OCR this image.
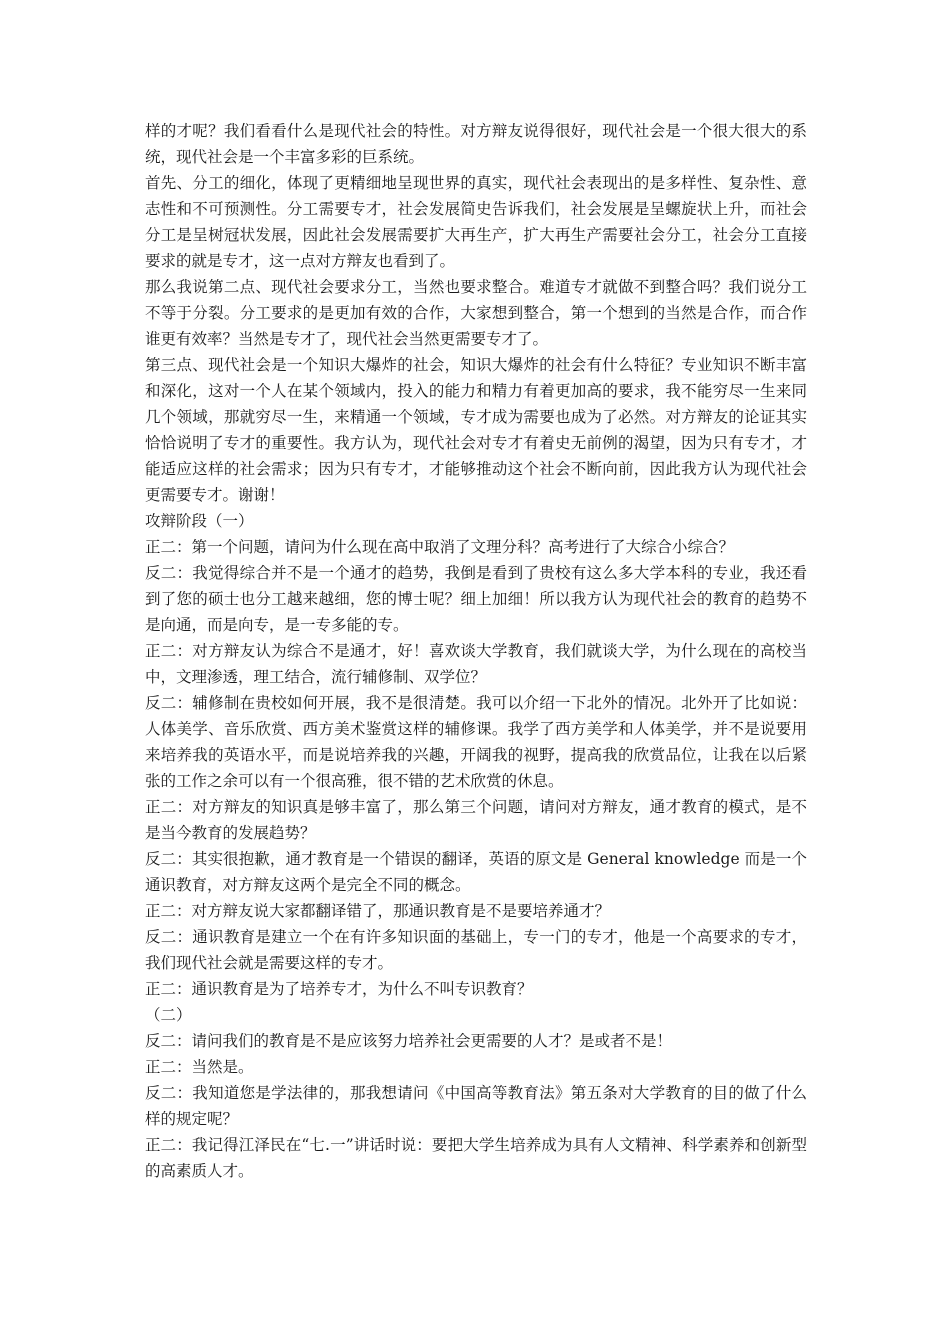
样的才呢？我们看看什么是现代社会的特性。对方辩友说得很好，现代社会是一个很大很大的系统，现代社会是一个丰富多彩的巨系统。

首先、分工的细化，体现了更精细地呈现世界的真实，现代社会表现出的是多样性、复杂性、意志性和不可预测性。分工需要专才，社会发展简史告诉我们，社会发展是呈螺旋状上升，而社会分工是呈树冠状发展，因此社会发展需要扩大再生产，扩大再生产需要社会分工，社会分工直接要求的就是专才，这一点对方辩友也看到了。

那么我说第二点、现代社会要求分工，当然也要求整合。难道专才就做不到整合吗？我们说分工不等于分裂。分工要求的是更加有效的合作，大家想到整合，第一个想到的当然是合作，而合作谁更有效率？当然是专才了，现代社会当然更需要专才了。

第三点、现代社会是一个知识大爆炸的社会，知识大爆炸的社会有什么特征？专业知识不断丰富和深化，这对一个人在某个领域内，投入的能力和精力有着更加高的要求，我不能穷尽一生来同几个领域，那就穷尽一生，来精通一个领域，专才成为需要也成为了必然。对方辩友的论证其实恰恰说明了专才的重要性。我方认为，现代社会对专才有着史无前例的渴望，因为只有专才，才能适应这样的社会需求；因为只有专才，才能够推动这个社会不断向前，因此我方认为现代社会更需要专才。谢谢！

攻辩阶段（一）

正二：第一个问题，请问为什么现在高中取消了文理分科？高考进行了大综合小综合？

反二：我觉得综合并不是一个通才的趋势，我倒是看到了贵校有这么多大学本科的专业，我还看到了您的硕士也分工越来越细，您的博士呢？细上加细！所以我方认为现代社会的教育的趋势不是向通，而是向专，是一专多能的专。

正二：对方辩友认为综合不是通才，好！喜欢谈大学教育，我们就谈大学，为什么现在的高校当中，文理渗透，理工结合，流行辅修制、双学位？

反二：辅修制在贵校如何开展，我不是很清楚。我可以介绍一下北外的情况。北外开了比如说：人体美学、音乐欣赏、西方美术鉴赏这样的辅修课。我学了西方美学和人体美学，并不是说要用来培养我的英语水平，而是说培养我的兴趣，开阔我的视野，提高我的欣赏品位，让我在以后紧张的工作之余可以有一个很高雅，很不错的艺术欣赏的休息。

正二：对方辩友的知识真是够丰富了，那么第三个问题，请问对方辩友，通才教育的模式，是不是当今教育的发展趋势？

反二：其实很抱歉，通才教育是一个错误的翻译，英语的原文是 General knowledge 而是一个通识教育，对方辩友这两个是完全不同的概念。

正二：对方辩友说大家都翻译错了，那通识教育是不是要培养通才？

反二：通识教育是建立一个在有许多知识面的基础上，专一门的专才，他是一个高要求的专才，我们现代社会就是需要这样的专才。

正二：通识教育是为了培养专才，为什么不叫专识教育？

（二）

反二：请问我们的教育是不是应该努力培养社会更需要的人才？是或者不是！

正二：当然是。

反二：我知道您是学法律的，那我想请问《中国高等教育法》第五条对大学教育的目的做了什么样的规定呢？

正二：我记得江泽民在“七.一”讲话时说：要把大学生培养成为具有人文精神、科学素养和创新型的高素质人才。
